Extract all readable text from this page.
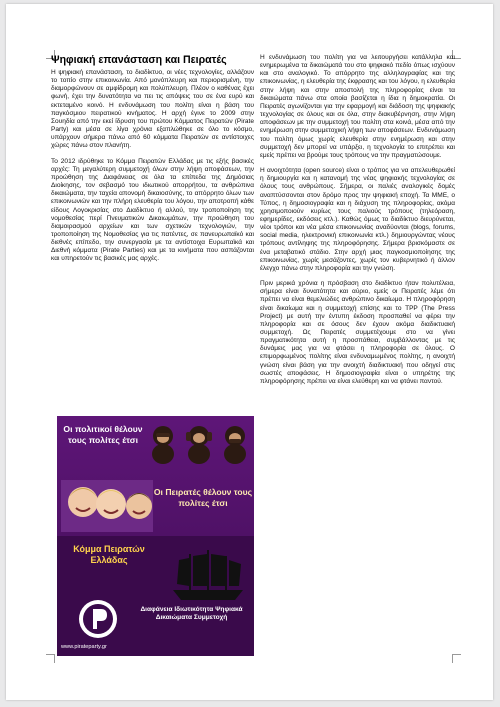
Ψηφιακή επανάσταση και Πειρατές

Η ψηφιακή επανάσταση, το διαδίκτυο, οι νέες τεχνολογίες, αλλάζουν το τοπίο στην επικοινωνία. Από μονόπλευρη και περιορισμένη, την διαμορφώνουν σε αμφίδρομη και πολύπλευρη. Πλέον ο καθένας έχει φωνή, έχει την δυνατότητα να πει τις απόψεις του σε ένα ευρύ και εκτεταμένο κοινό. Η ενδυνάμωση του πολίτη είναι η βάση του παγκόσμιου πειρατικού κινήματος. Η αρχή έγινε το 2009 στην Σουηδία από την εκεί ίδρυση του πρώτου Κόμματος Πειρατών (Pirate Party) και μέσα σε λίγα χρόνια εξαπλώθηκε σε όλο το κόσμο, υπάρχουν σήμερα πάνω από 60 κόμματα Πειρατών σε αντίστοιχες χώρες πάνω στον πλανήτη.

Το 2012 ιδρύθηκε το Κόμμα Πειρατών Ελλάδας με τις εξής βασικές αρχές: Τη μεγαλύτερη συμμετοχή όλων στην λήψη αποφάσεων, την προώθηση της Διαφάνειας σε όλα τα επίπεδα της Δημόσιας Διοίκησης, τον σεβασμό του ιδιωτικού απορρήτου, τα ανθρώπινα δικαιώματα, την ταχεία απονομή δικαιοσύνης, το απόρρητο όλων των επικοινωνιών και την πλήρη ελευθερία του λόγου, την αποτροπή κάθε είδους Λογοκρισίας στο Διαδίκτυο ή αλλού, την τροποποίηση της νομοθεσίας περί Πνευματικών Δικαιωμάτων, την προώθηση του διαμοιρασμού αρχείων και των σχετικών τεχνολογιών, την τροποποίηση της Νομοθεσίας για τις πατέντες, σε πανευρωπαϊκό και διεθνές επίπεδο, την συνεργασία με τα αντίστοιχα Ευρωπαϊκά και Διεθνή κόμματα (Pirate Parties) και με τα κινήματα που ασπάζονται και υπηρετούν τις βασικές μας αρχές.

Η ενδυνάμωση του πολίτη για να λειτουργήσει κατάλληλα και ενημερωμένα τα δικαιώματά του στο ψηφιακό πεδίο όπως ισχύουν και στο αναλογικό. Το απόρρητο της αλληλογραφίας και της επικοινωνίας, η ελευθερία της έκφρασης και του λόγου, η ελευθερία στην λήψη και στην αποστολή της πληροφορίας είναι τα δικαιώματα πάνω στα οποία βασίζεται η ίδια η δημοκρατία. Οι Πειρατές αγωνίζονται για την εφαρμογή και διάδοση της ψηφιακής τεχνολογίας σε όλους και σε όλα, στην διακυβέρνηση, στην λήψη αποφάσεων με την συμμετοχή του πολίτη στα κοινά, μέσα από την ενημέρωση στην συμμετοχική λήψη των αποφάσεων. Ενδυνάμωση του πολίτη όμως χωρίς ελευθερία στην ενημέρωση και στην συμμετοχή δεν μπορεί να υπάρξει, η τεχνολογία το επιτρέπει και εμείς πρέπει να βρούμε τους τρόπους να την πραγματώσουμε.

Η ανοιχτότητα (open source) είναι ο τρόπος για να απελευθερωθεί η δημιουργία και η κατανομή της νέας ψηφιακής τεχνολογίας σε όλους τους ανθρώπους. Σήμερα, οι παλιές αναλογικές δομές αναπτύσσονται στον δρόμο προς την ψηφιακή εποχή. Τα ΜΜΕ, ο Τύπος, η δημοσιογραφία και η διάχυση της πληροφορίας, ακόμα χρησιμοποιούν κυρίως τους παλιούς τρόπους (τηλεόραση, εφημερίδες, εκδόσεις κτλ.). Καθώς όμως το διαδίκτυο διευρύνεται, νέοι τρόποι και νέα μέσα επικοινωνίας αναδύονται (blogs, forums, social media, ηλεκτρονική επικοινωνία κτλ.) δημιουργώντας νέους τρόπους αντίληψης της πληροφόρησης. Σήμερα βρισκόμαστε σε ένα μεταβατικό στάδιο. Στην αρχή μιας παγκοσμιοποίησης της επικοινωνίας, χωρίς μεσάζοντες, χωρίς τον κυβερνητικό ή άλλον έλεγχο πάνω στην πληροφορία και την γνώση.

Πριν μερικά χρόνια η πρόσβαση στο διαδίκτυο ήταν πολυτέλεια, σήμερα είναι δυνατότητα και αύριο, εμείς οι Πειρατές λέμε ότι πρέπει να είναι θεμελιώδες ανθρώπινο δικαίωμα. Η πληροφόρηση είναι δικαίωμα και η συμμετοχή επίσης και το TPP (The Press Project) με αυτή την έντυπη έκδοση προσπαθεί να φέρει την πληροφορία και σε όσους δεν έχουν ακόμα διαδικτυακή συμμετοχή. Ως Πειρατές συμμετέχουμε στο να γίνει πραγματικότητα αυτή η προσπάθεια, συμβάλλοντας με τις δυνάμεις μας για να φτάσει η πληροφορία σε όλους. Ο επιμορφωμένος πολίτης είναι ενδυναμωμένος πολίτης, η ανοιχτή γνώση είναι βάση για την ανοιχτή διαδικτυακή που οδηγεί στις σωστές αποφάσεις. Η δημοσιογραφία είναι ο υπηρέτης της πληροφόρησης πρέπει να είναι ελεύθερη και να φτάνει παντού.

Οι πολιτικοί θέλουν τους πολίτες έτσι
Οι Πειρατές θέλουν τους πολίτες έτσι
Κόμμα Πειρατών Ελλάδας
Διαφάνεια Ιδιωτικότητα Ψηφιακά Δικαιώματα Συμμετοχή
www.pirateparty.gr
